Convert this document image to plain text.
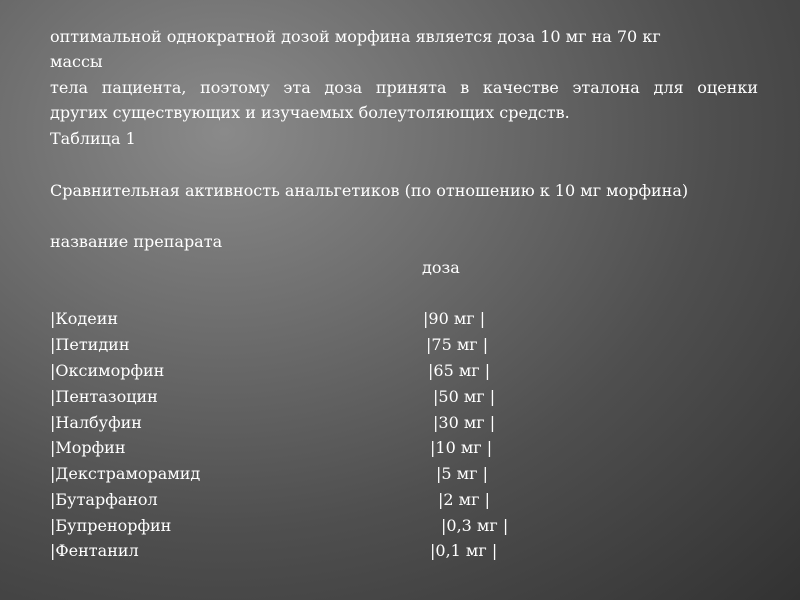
оптимальной однократной дозой морфина является доза 10 мг на 70 кг
массы
тела пациента, поэтому эта доза принята в качестве эталона для оценки
других существующих и изучаемых болеутоляющих средств.
Таблица 1
Сравнительная активность анальгетиков (по отношению к 10 мг морфина)
название препарата
доза
|Кодеин	|90 мг |
|Петидин	|75 мг |
|Оксиморфин	|65 мг |
|Пентазоцин	|50 мг |
|Налбуфин	|30 мг |
|Морфин	|10 мг |
|Декстраморамид	|5 мг |
|Бутарфанол	|2 мг |
|Бупренорфин	|0,3 мг |
|Фентанил	|0,1 мг |
